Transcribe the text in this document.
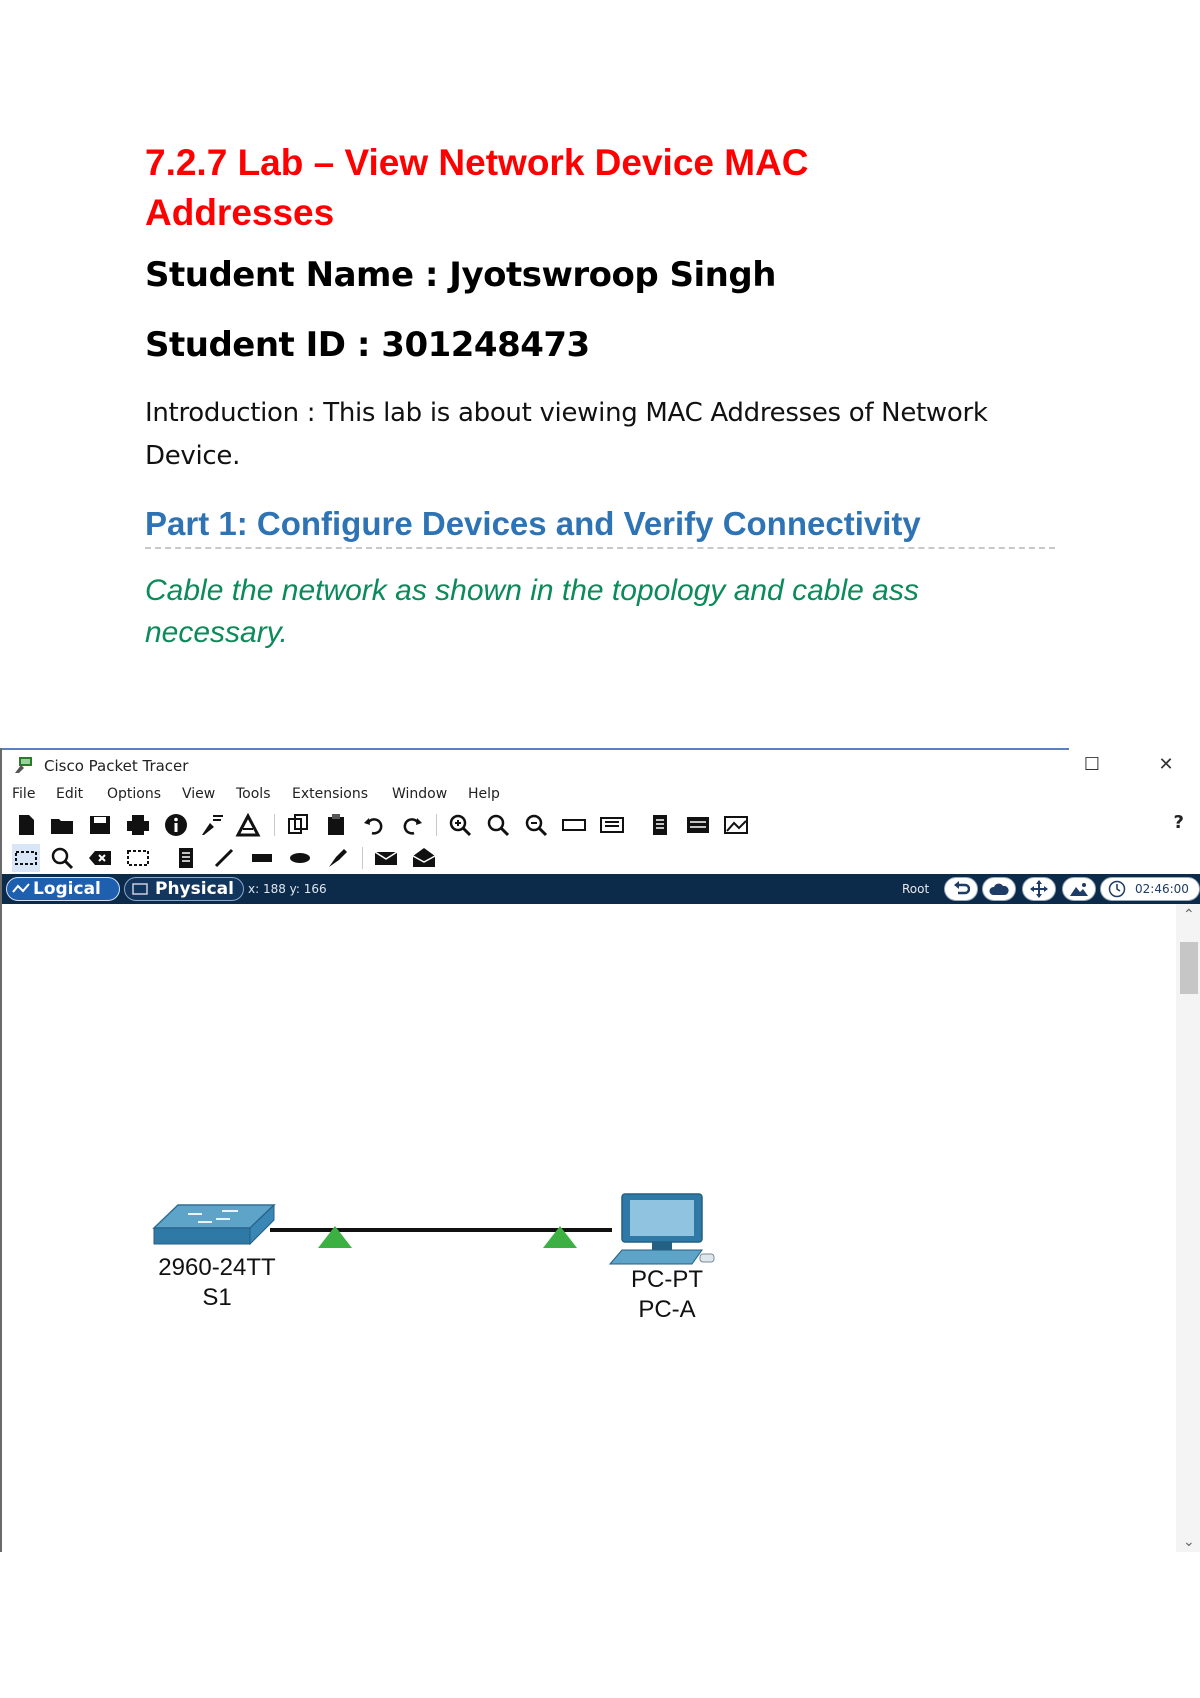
7.2.7 Lab – View Network Device MAC Addresses
Student Name : Jyotswroop Singh
Student ID : 301248473
Introduction : This lab is about viewing MAC Addresses of Network Device.
Part 1: Configure Devices and Verify Connectivity
Cable the network as shown in the topology and cable ass necessary.
Cisco Packet Tracer	☐	✕
File Edit Options View Tools Extensions Window Help
?
Logical	Physical	x: 188 y: 166	Root	02:46:00
2960-24TT
S1
PC-PT
PC-A
⌃
⌄
